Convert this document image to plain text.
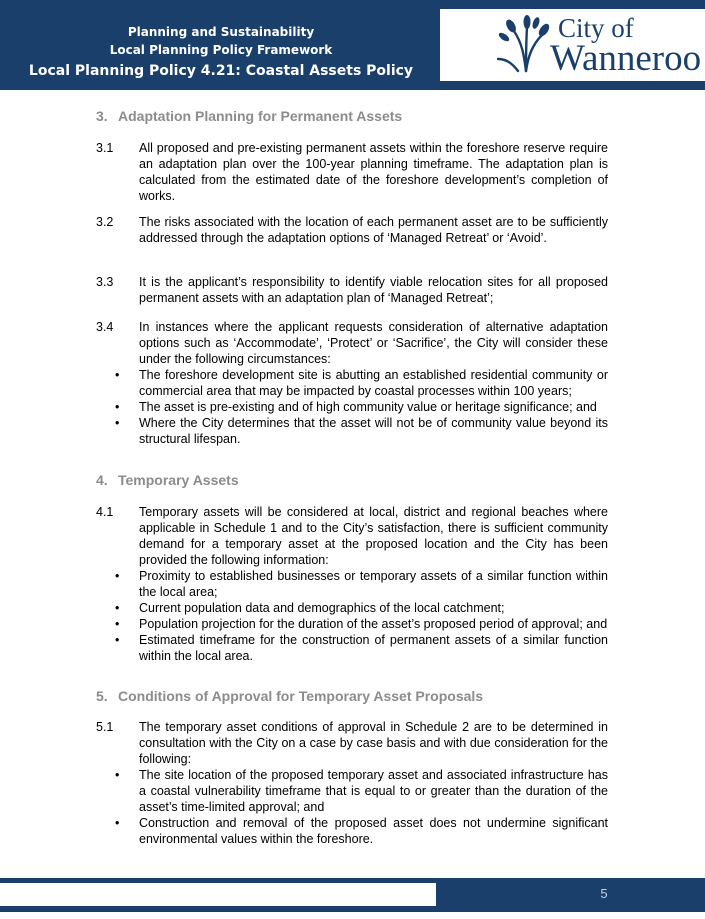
Planning and Sustainability
Local Planning Policy Framework
Local Planning Policy 4.21: Coastal Assets Policy
City of
Wanneroo
3. Adaptation Planning for Permanent Assets
3.1 All proposed and pre-existing permanent assets within the foreshore reserve require an adaptation plan over the 100-year planning timeframe. The adaptation plan is calculated from the estimated date of the foreshore development’s completion of works.
3.2 The risks associated with the location of each permanent asset are to be sufficiently addressed through the adaptation options of ‘Managed Retreat’ or ‘Avoid’.
3.3 It is the applicant’s responsibility to identify viable relocation sites for all proposed permanent assets with an adaptation plan of ‘Managed Retreat’;
3.4 In instances where the applicant requests consideration of alternative adaptation options such as ‘Accommodate’, ‘Protect’ or ‘Sacrifice’, the City will consider these under the following circumstances:
• The foreshore development site is abutting an established residential community or commercial area that may be impacted by coastal processes within 100 years;
• The asset is pre-existing and of high community value or heritage significance; and
• Where the City determines that the asset will not be of community value beyond its structural lifespan.
4. Temporary Assets
4.1 Temporary assets will be considered at local, district and regional beaches where applicable in Schedule 1 and to the City’s satisfaction, there is sufficient community demand for a temporary asset at the proposed location and the City has been provided the following information:
• Proximity to established businesses or temporary assets of a similar function within the local area;
• Current population data and demographics of the local catchment;
• Population projection for the duration of the asset’s proposed period of approval; and
• Estimated timeframe for the construction of permanent assets of a similar function within the local area.
5. Conditions of Approval for Temporary Asset Proposals
5.1 The temporary asset conditions of approval in Schedule 2 are to be determined in consultation with the City on a case by case basis and with due consideration for the following:
• The site location of the proposed temporary asset and associated infrastructure has a coastal vulnerability timeframe that is equal to or greater than the duration of the asset’s time-limited approval; and
• Construction and removal of the proposed asset does not undermine significant environmental values within the foreshore.
5
